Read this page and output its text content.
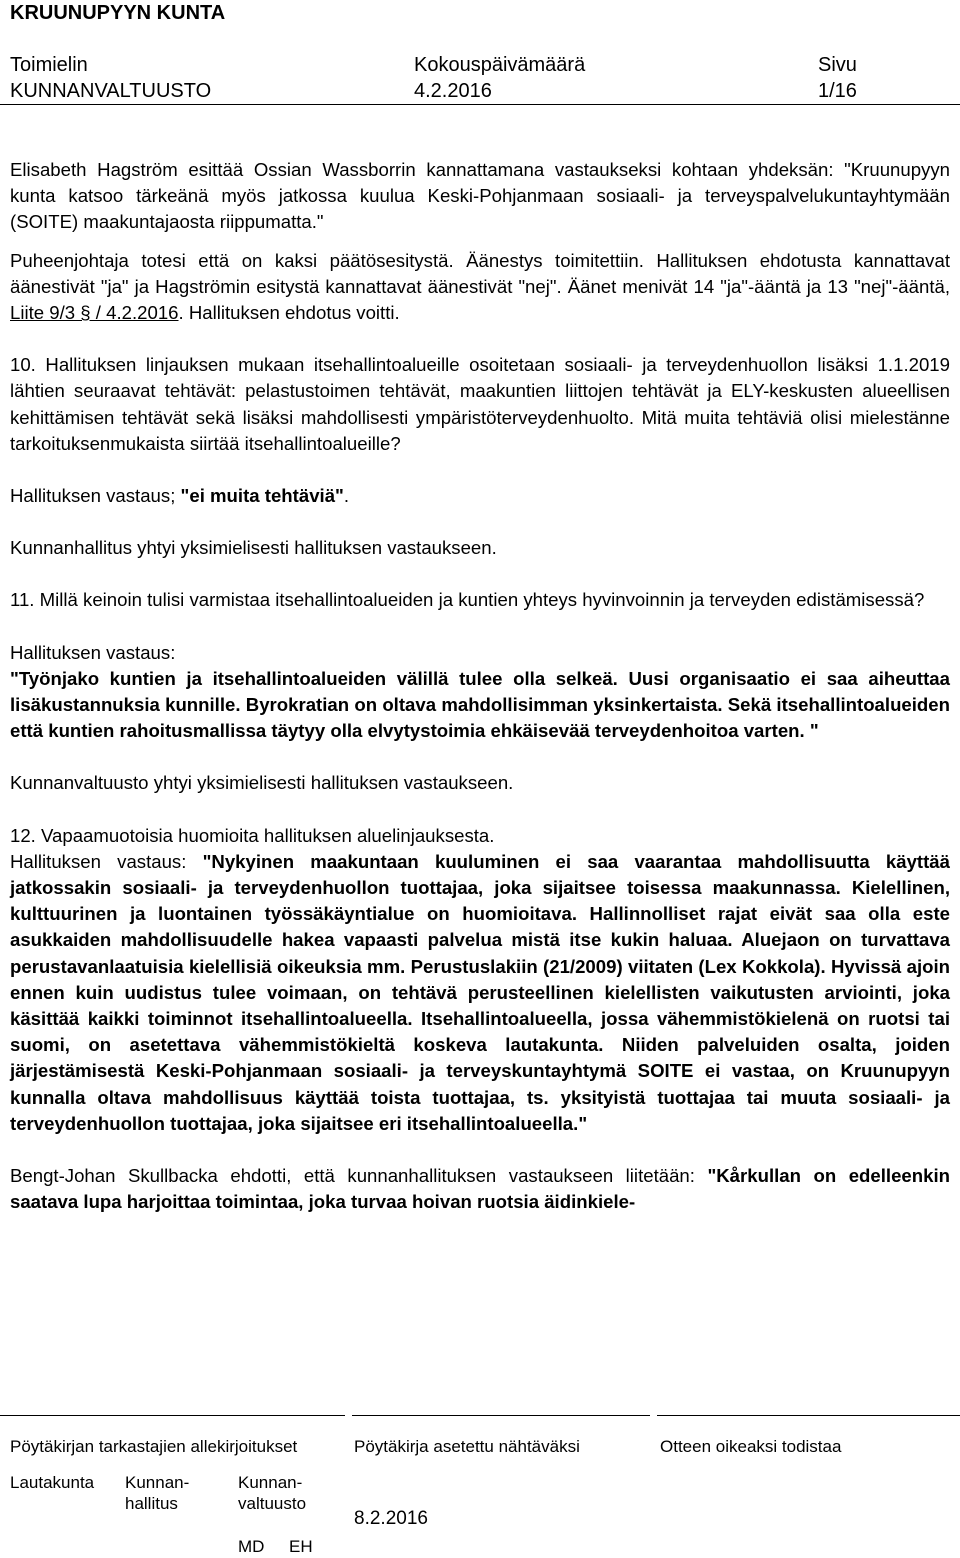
KRUUNUPYYN KUNTA
Toimielin
KUNNANVALTUUSTO
Kokouspäivämäärä
4.2.2016
Sivu
1/16

Elisabeth Hagström esittää Ossian Wassborrin kannattamana vastaukseksi kohtaan yhdeksän: "Kruunupyyn kunta katsoo tärkeänä myös jatkossa kuulua Keski-Pohjanmaan sosiaali- ja terveyspalvelukuntayhtymään (SOITE) maakuntajaosta riippumatta."

Puheenjohtaja totesi että on kaksi päätösesitystä. Äänestys toimitettiin. Hallituksen ehdotusta kannattavat äänestivät "ja" ja Hagströmin esitystä kannattavat äänestivät "nej". Äänet menivät 14 "ja"-ääntä ja 13 "nej"-ääntä, Liite 9/3 § / 4.2.2016. Hallituksen ehdotus voitti.

10. Hallituksen linjauksen mukaan itsehallintoalueille osoitetaan sosiaali- ja terveydenhuollon lisäksi 1.1.2019 lähtien seuraavat tehtävät: pelastustoimen tehtävät, maakuntien liittojen tehtävät ja ELY-keskusten alueellisen kehittämisen tehtävät sekä lisäksi mahdollisesti ympäristöterveydenhuolto. Mitä muita tehtäviä olisi mielestänne tarkoituksenmukaista siirtää itsehallintoalueille?

Hallituksen vastaus; "ei muita tehtäviä".

Kunnanhallitus yhtyi yksimielisesti hallituksen vastaukseen.

11. Millä keinoin tulisi varmistaa itsehallintoalueiden ja kuntien yhteys hyvinvoinnin ja terveyden edistämisessä?

Hallituksen vastaus:
"Työnjako kuntien ja itsehallintoalueiden välillä tulee olla selkeä. Uusi organisaatio ei saa aiheuttaa lisäkustannuksia kunnille. Byrokratian on oltava mahdollisimman yksinkertaista. Sekä itsehallintoalueiden että kuntien rahoitusmallissa täytyy olla elvytystoimia ehkäisevää terveydenhoitoa varten. "

Kunnanvaltuusto yhtyi yksimielisesti hallituksen vastaukseen.

12. Vapaamuotoisia huomioita hallituksen aluelinjauksesta.

Hallituksen vastaus: "Nykyinen maakuntaan kuuluminen ei saa vaarantaa mahdollisuutta käyttää jatkossakin sosiaali- ja terveydenhuollon tuottajaa, joka sijaitsee toisessa maakunnassa. Kielellinen, kulttuurinen ja luontainen työssäkäyntialue on huomioitava. Hallinnolliset rajat eivät saa olla este asukkaiden mahdollisuudelle hakea vapaasti palvelua mistä itse kukin haluaa. Aluejaon on turvattava perustavanlaatuisia kielellisiä oikeuksia mm. Perustuslakiin (21/2009) viitaten (Lex Kokkola). Hyvissä ajoin ennen kuin uudistus tulee voimaan, on tehtävä perusteellinen kielellisten vaikutusten arviointi, joka käsittää kaikki toiminnot itsehallintoalueella. Itsehallintoalueella, jossa vähemmistökielenä on ruotsi tai suomi, on asetettava vähemmistökieltä koskeva lautakunta. Niiden palveluiden osalta, joiden järjestämisestä Keski-Pohjanmaan sosiaali- ja terveyskuntayhtymä SOITE ei vastaa, on Kruunupyyn kunnalla oltava mahdollisuus käyttää toista tuottajaa, ts. yksityistä tuottajaa tai muuta sosiaali- ja terveydenhuollon tuottajaa, joka sijaitsee eri itsehallintoalueella."

Bengt-Johan Skullbacka ehdotti, että kunnanhallituksen vastaukseen liitetään: "Kårkullan on edelleenkin saatava lupa harjoittaa toimintaa, joka turvaa hoivan ruotsia äidinkiele-

Pöytäkirjan tarkastajien allekirjoitukset	Pöytäkirja asetettu nähtäväksi	Otteen oikeaksi todistaa
Lautakunta Kunnan-
hallitus
Kunnan-
valtuusto
MD EH
8.2.2016
